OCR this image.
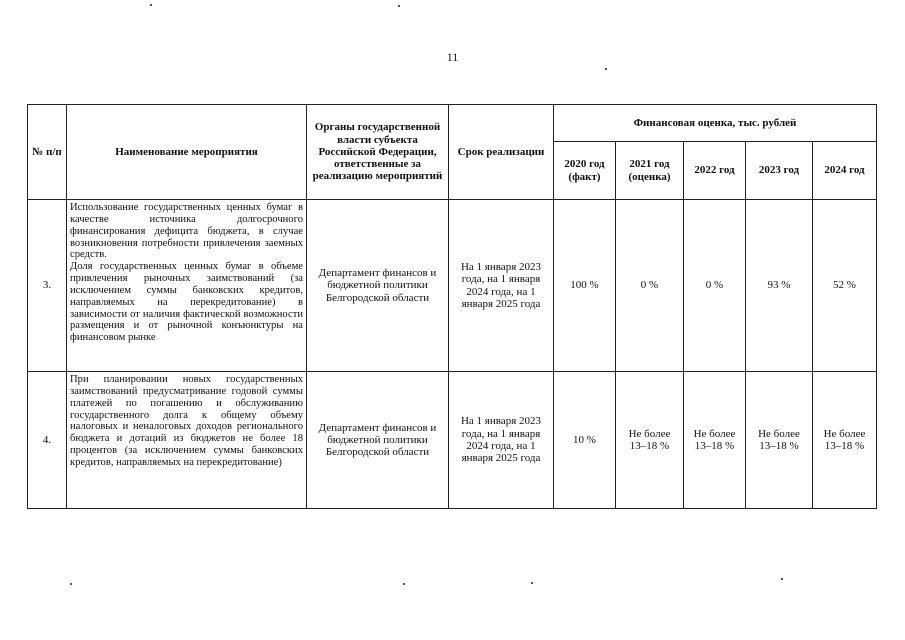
11
№ п/п	Наименование мероприятия	Органы государственной власти субъекта Российской Федерации, ответственные за реализацию мероприятий	Срок реализации	Финансовая оценка, тыс. рублей				
				2020 год (факт)	2021 год (оценка)	2022 год	2023 год	2024 год
3.	Использование государственных ценных бумаг в качестве источника долгосрочного финансирования дефицита бюджета, в случае возникновения потребности привлечения заемных средств.
Доля государственных ценных бумаг в объеме привлечения рыночных заимствований (за исключением суммы банковских кредитов, направляемых на перекредитование) в зависимости от наличия фактической возможности размещения и от рыночной конъюнктуры на финансовом рынке	Департамент финансов и бюджетной политики Белгородской области	На 1 января 2023 года, на 1 января 2024 года, на 1 января 2025 года	100 %	0 %	0 %	93 %	52 %
4.	При планировании новых государственных заимствований предусматривание годовой суммы платежей по погашению и обслуживанию государственного долга к общему объему налоговых и неналоговых доходов регионального бюджета и дотаций из бюджетов не более 18 процентов (за исключением суммы банковских кредитов, направляемых на перекредитование)	Департамент финансов и бюджетной политики Белгородской области	На 1 января 2023 года, на 1 января 2024 года, на 1 января 2025 года	10 %	Не более 13–18 %	Не более 13–18 %	Не более 13–18 %	Не более 13–18 %
